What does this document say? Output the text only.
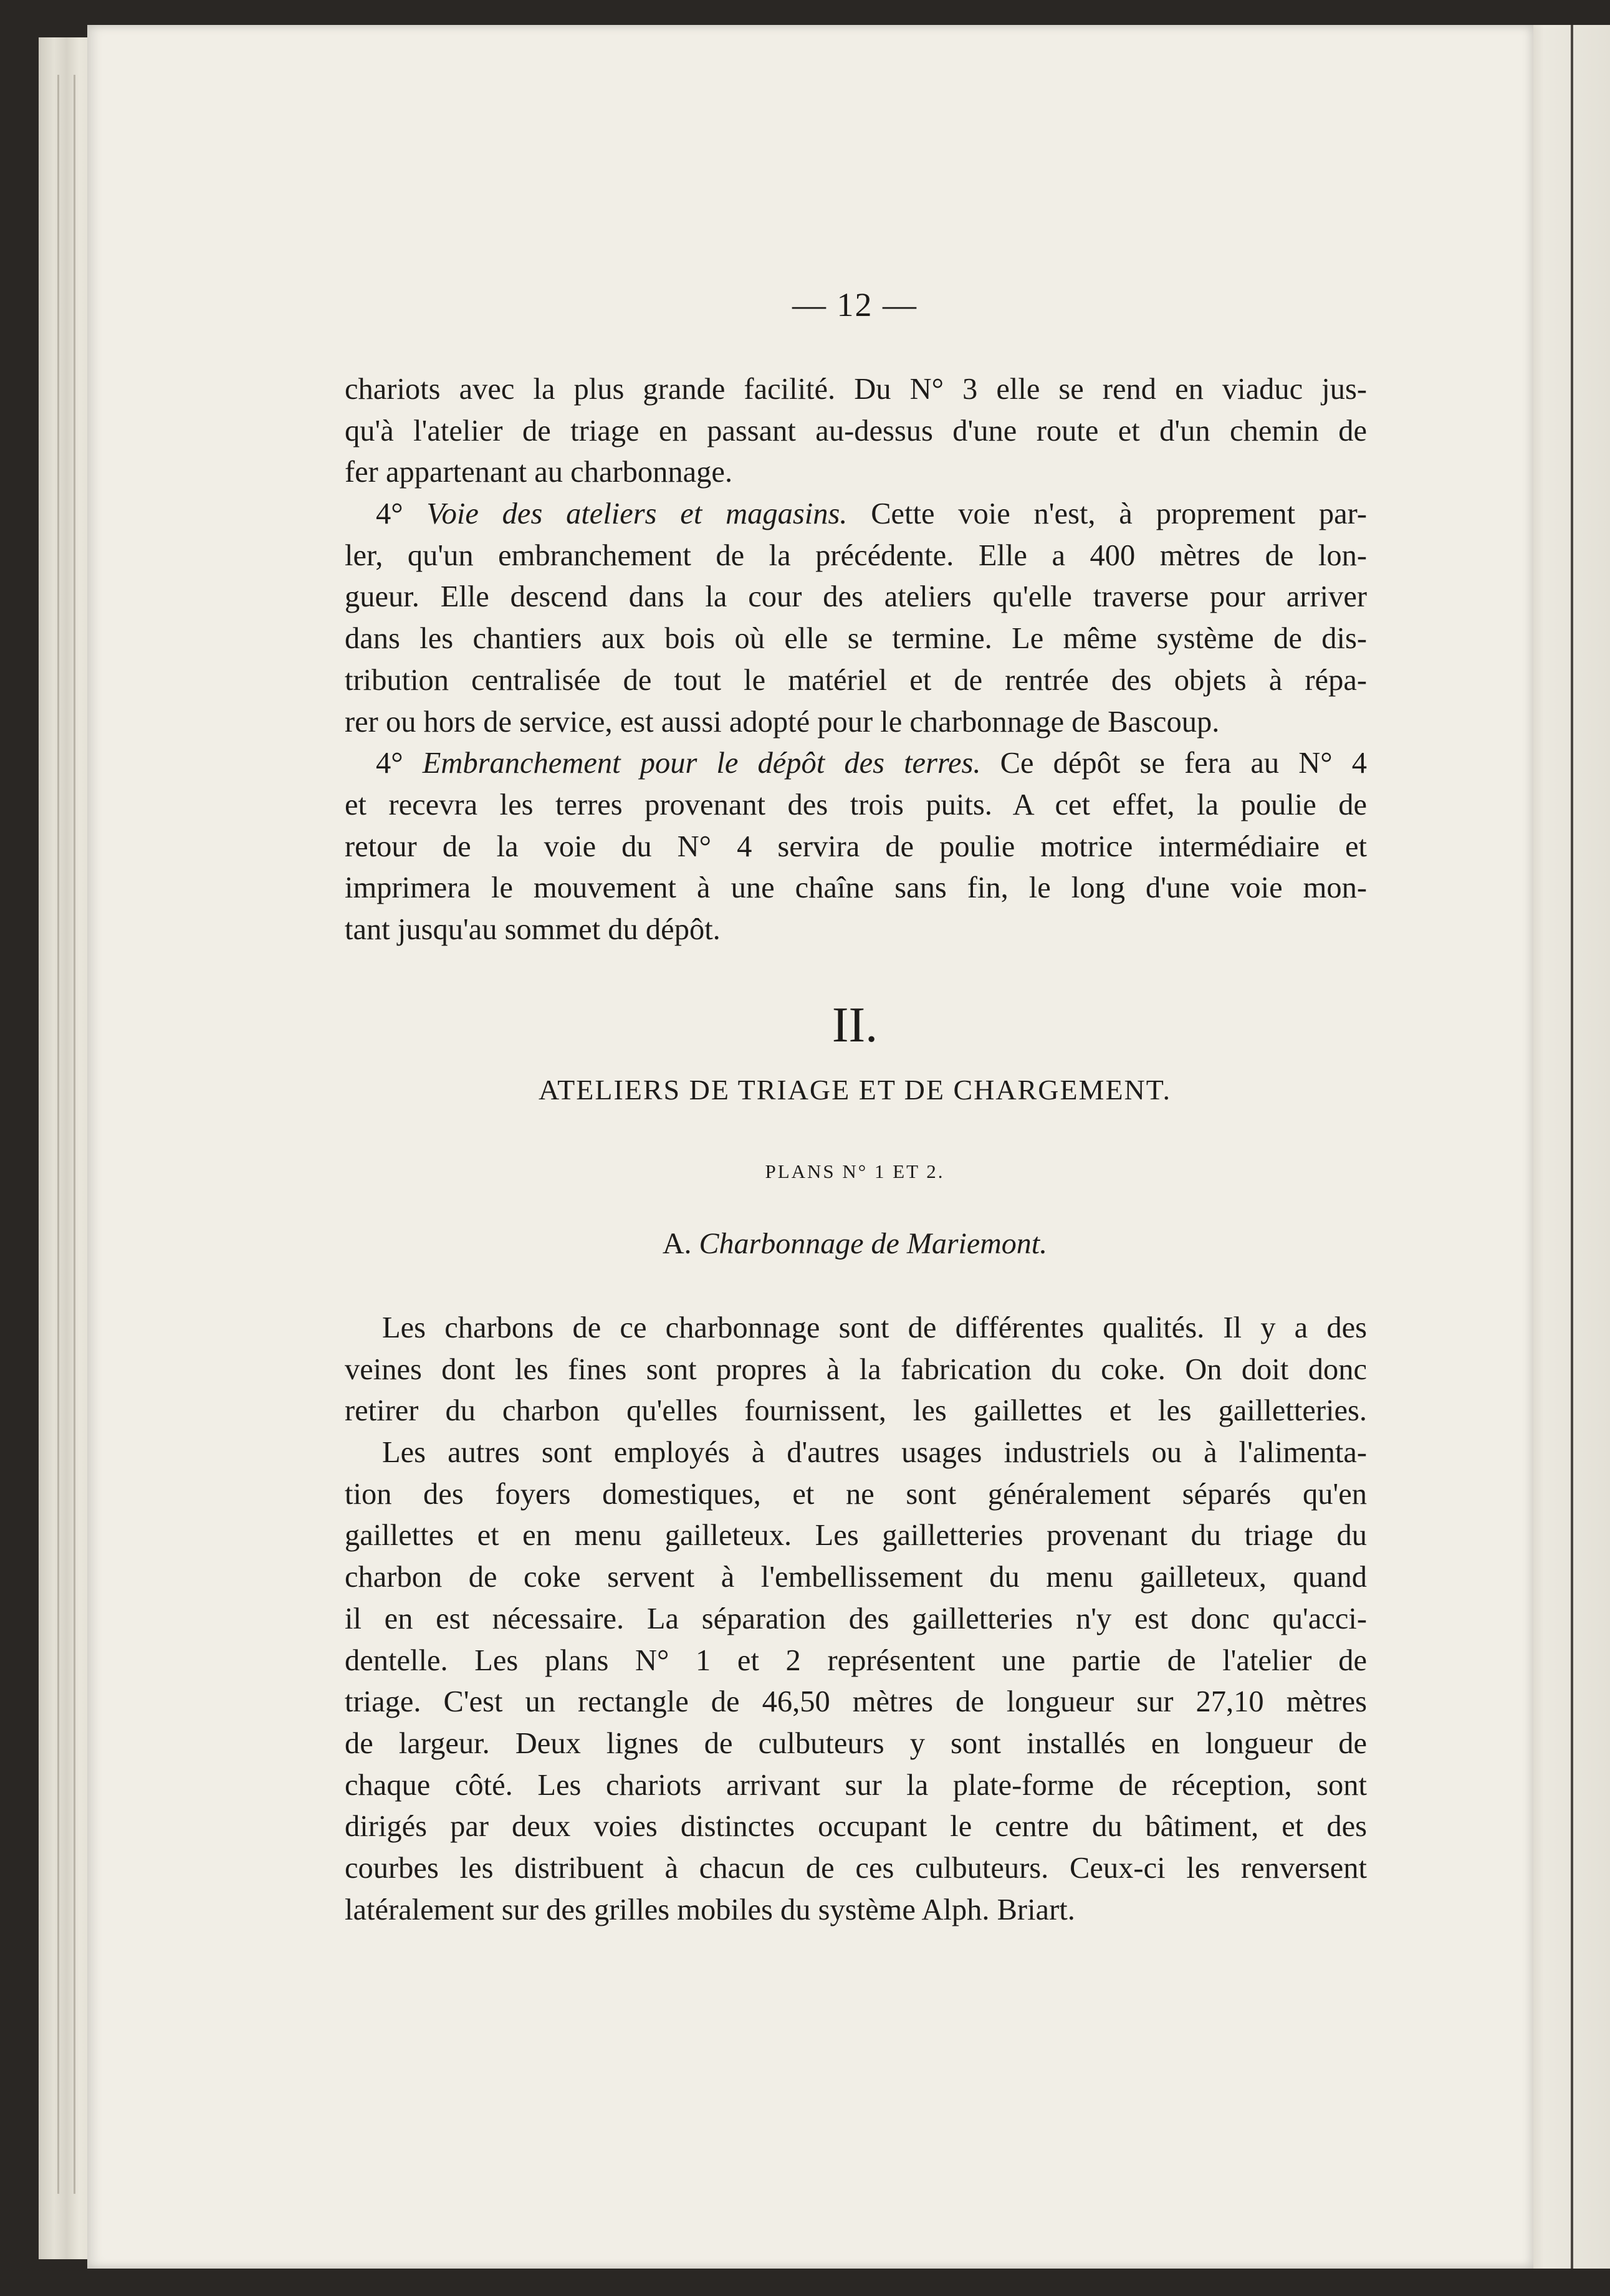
— 12 —
chariots avec la plus grande facilité. Du N° 3 elle se rend en viaduc jus-
qu'à l'atelier de triage en passant au-dessus d'une route et d'un chemin de
fer appartenant au charbonnage.
4° Voie des ateliers et magasins. Cette voie n'est, à proprement par-
ler, qu'un embranchement de la précédente. Elle a 400 mètres de lon-
gueur. Elle descend dans la cour des ateliers qu'elle traverse pour arriver
dans les chantiers aux bois où elle se termine. Le même système de dis-
tribution centralisée de tout le matériel et de rentrée des objets à répa-
rer ou hors de service, est aussi adopté pour le charbonnage de Bascoup.
4° Embranchement pour le dépôt des terres. Ce dépôt se fera au N° 4
et recevra les terres provenant des trois puits. A cet effet, la poulie de
retour de la voie du N° 4 servira de poulie motrice intermédiaire et
imprimera le mouvement à une chaîne sans fin, le long d'une voie mon-
tant jusqu'au sommet du dépôt.
II.
ATELIERS DE TRIAGE ET DE CHARGEMENT.
PLANS N° 1 ET 2.
A. Charbonnage de Mariemont.
Les charbons de ce charbonnage sont de différentes qualités. Il y a des
veines dont les fines sont propres à la fabrication du coke. On doit donc
retirer du charbon qu'elles fournissent, les gaillettes et les gailletteries.
Les autres sont employés à d'autres usages industriels ou à l'alimenta-
tion des foyers domestiques, et ne sont généralement séparés qu'en
gaillettes et en menu gailleteux. Les gailletteries provenant du triage du
charbon de coke servent à l'embellissement du menu gailleteux, quand
il en est nécessaire. La séparation des gailletteries n'y est donc qu'acci-
dentelle. Les plans N° 1 et 2 représentent une partie de l'atelier de
triage. C'est un rectangle de 46,50 mètres de longueur sur 27,10 mètres
de largeur. Deux lignes de culbuteurs y sont installés en longueur de
chaque côté. Les chariots arrivant sur la plate-forme de réception, sont
dirigés par deux voies distinctes occupant le centre du bâtiment, et des
courbes les distribuent à chacun de ces culbuteurs. Ceux-ci les renversent
latéralement sur des grilles mobiles du système Alph. Briart.
